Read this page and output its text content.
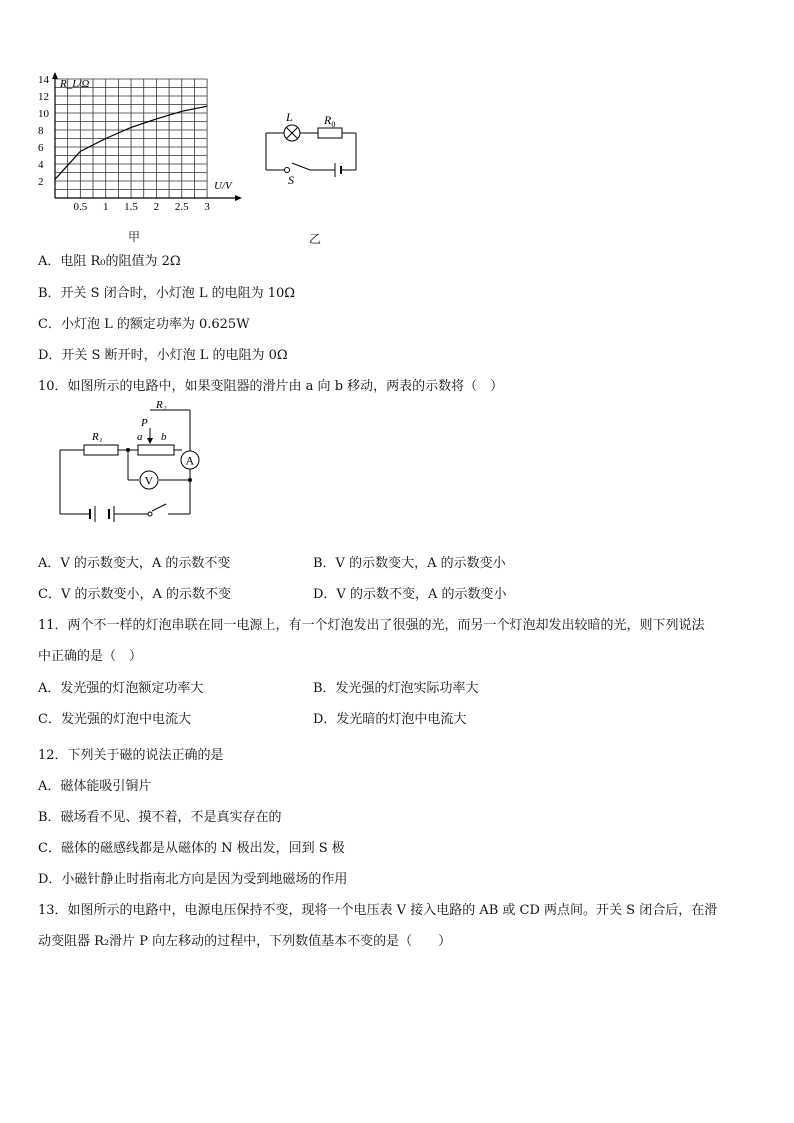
R_L/Ω
U/V
14
12
10
8
6
4
2
0.5 1 1.5 2 2.5 3
甲
L	$R_0$
S
乙
A．电阻 R₀的阻值为 2Ω
B．开关 S 闭合时，小灯泡 L 的电阻为 10Ω
C．小灯泡 L 的额定功率为 0.625W
D．开关 S 断开时，小灯泡 L 的电阻为 0Ω
10．如图所示的电路中，如果变阻器的滑片由 a 向 b 移动，两表的示数将（　）
A
V
R₂
P
R₁	a b
A．V 的示数变大，A 的示数不变	B．V 的示数变大，A 的示数变小
C．V 的示数变小，A 的示数不变	D．V 的示数不变，A 的示数变小
11．两个不一样的灯泡串联在同一电源上，有一个灯泡发出了很强的光，而另一个灯泡却发出较暗的光，则下列说法
中正确的是（　）
A．发光强的灯泡额定功率大	B．发光强的灯泡实际功率大
C．发光强的灯泡中电流大	D．发光暗的灯泡中电流大
12．下列关于磁的说法正确的是
A．磁体能吸引铜片
B．磁场看不见、摸不着，不是真实存在的
C．磁体的磁感线都是从磁体的 N 极出发，回到 S 极
D．小磁针静止时指南北方向是因为受到地磁场的作用
13．如图所示的电路中，电源电压保持不变，现将一个电压表 V 接入电路的 AB 或 CD 两点间。开关 S 闭合后，在滑
动变阻器 R₂滑片 P 向左移动的过程中，下列数值基本不变的是（　　）
